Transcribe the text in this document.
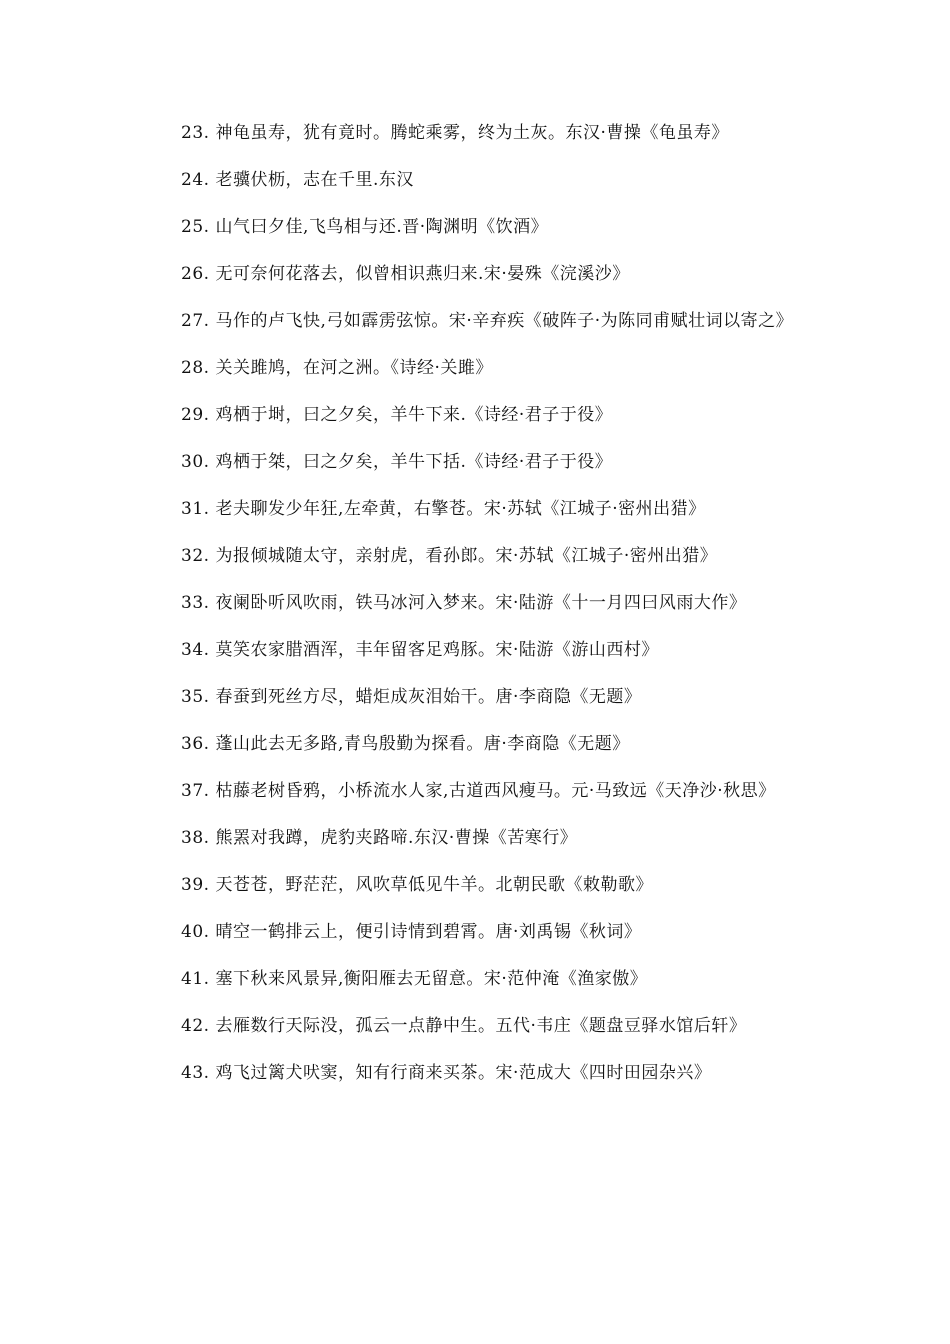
23. 神龟虽寿，犹有竟时。腾蛇乘雾，终为土灰。东汉·曹操《龟虽寿》

24. 老骥伏枥，志在千里.东汉

25. 山气曰夕佳,飞鸟相与还.晋·陶渊明《饮酒》

26. 无可奈何花落去，似曾相识燕归来.宋·晏殊《浣溪沙》

27. 马作的卢飞快,弓如霹雳弦惊。宋·辛弃疾《破阵子·为陈同甫赋壮词以寄之》

28. 关关雎鸠，在河之洲。《诗经·关雎》

29. 鸡栖于埘，曰之夕矣，羊牛下来.《诗经·君子于役》

30. 鸡栖于桀，曰之夕矣，羊牛下括.《诗经·君子于役》

31. 老夫聊发少年狂,左牵黄，右擎苍。宋·苏轼《江城子·密州出猎》

32. 为报倾城随太守，亲射虎，看孙郎。宋·苏轼《江城子·密州出猎》

33. 夜阑卧听风吹雨，铁马冰河入梦来。宋·陆游《十一月四曰风雨大作》

34. 莫笑农家腊酒浑，丰年留客足鸡豚。宋·陆游《游山西村》

35. 春蚕到死丝方尽，蜡炬成灰泪始干。唐·李商隐《无题》

36. 蓬山此去无多路,青鸟殷勤为探看。唐·李商隐《无题》

37. 枯藤老树昏鸦，小桥流水人家,古道西风瘦马。元·马致远《天净沙·秋思》

38. 熊罴对我蹲，虎豹夹路啼.东汉·曹操《苦寒行》

39. 天苍苍，野茫茫，风吹草低见牛羊。北朝民歌《敕勒歌》

40. 晴空一鹤排云上，便引诗情到碧霄。唐·刘禹锡《秋词》

41. 塞下秋来风景异,衡阳雁去无留意。宋·范仲淹《渔家傲》

42. 去雁数行天际没，孤云一点静中生。五代·韦庄《题盘豆驿水馆后轩》

43. 鸡飞过篱犬吠窦，知有行商来买茶。宋·范成大《四时田园杂兴》
